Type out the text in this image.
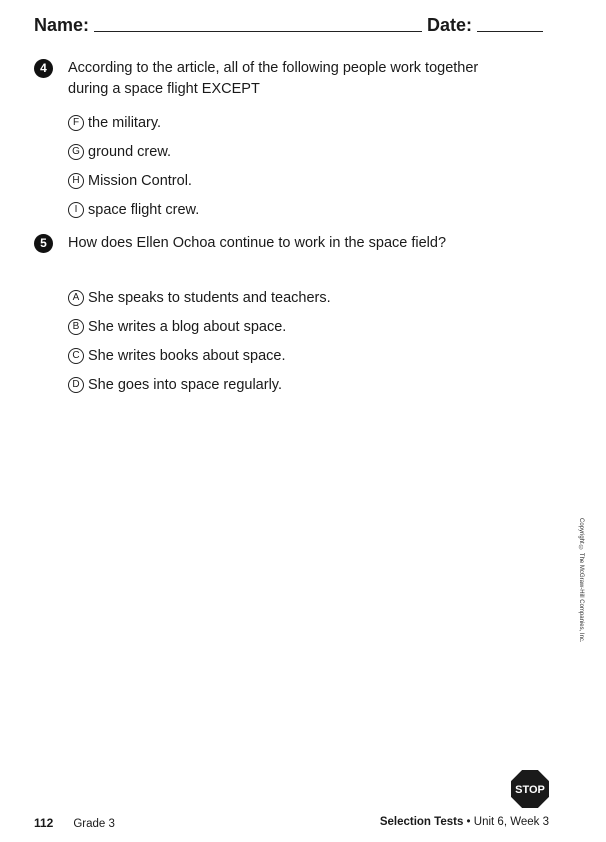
Name:	Date:
4	According to the article, all of the following people work together during a space flight EXCEPT
F the military.
G ground crew.
H Mission Control.
I space flight crew.
5	How does Ellen Ochoa continue to work in the space field?
A She speaks to students and teachers.
B She writes a blog about space.
C She writes books about space.
D She goes into space regularly.
Copyright © The McGraw-Hill Companies, Inc.
STOP
112 Grade 3	Selection Tests • Unit 6, Week 3
